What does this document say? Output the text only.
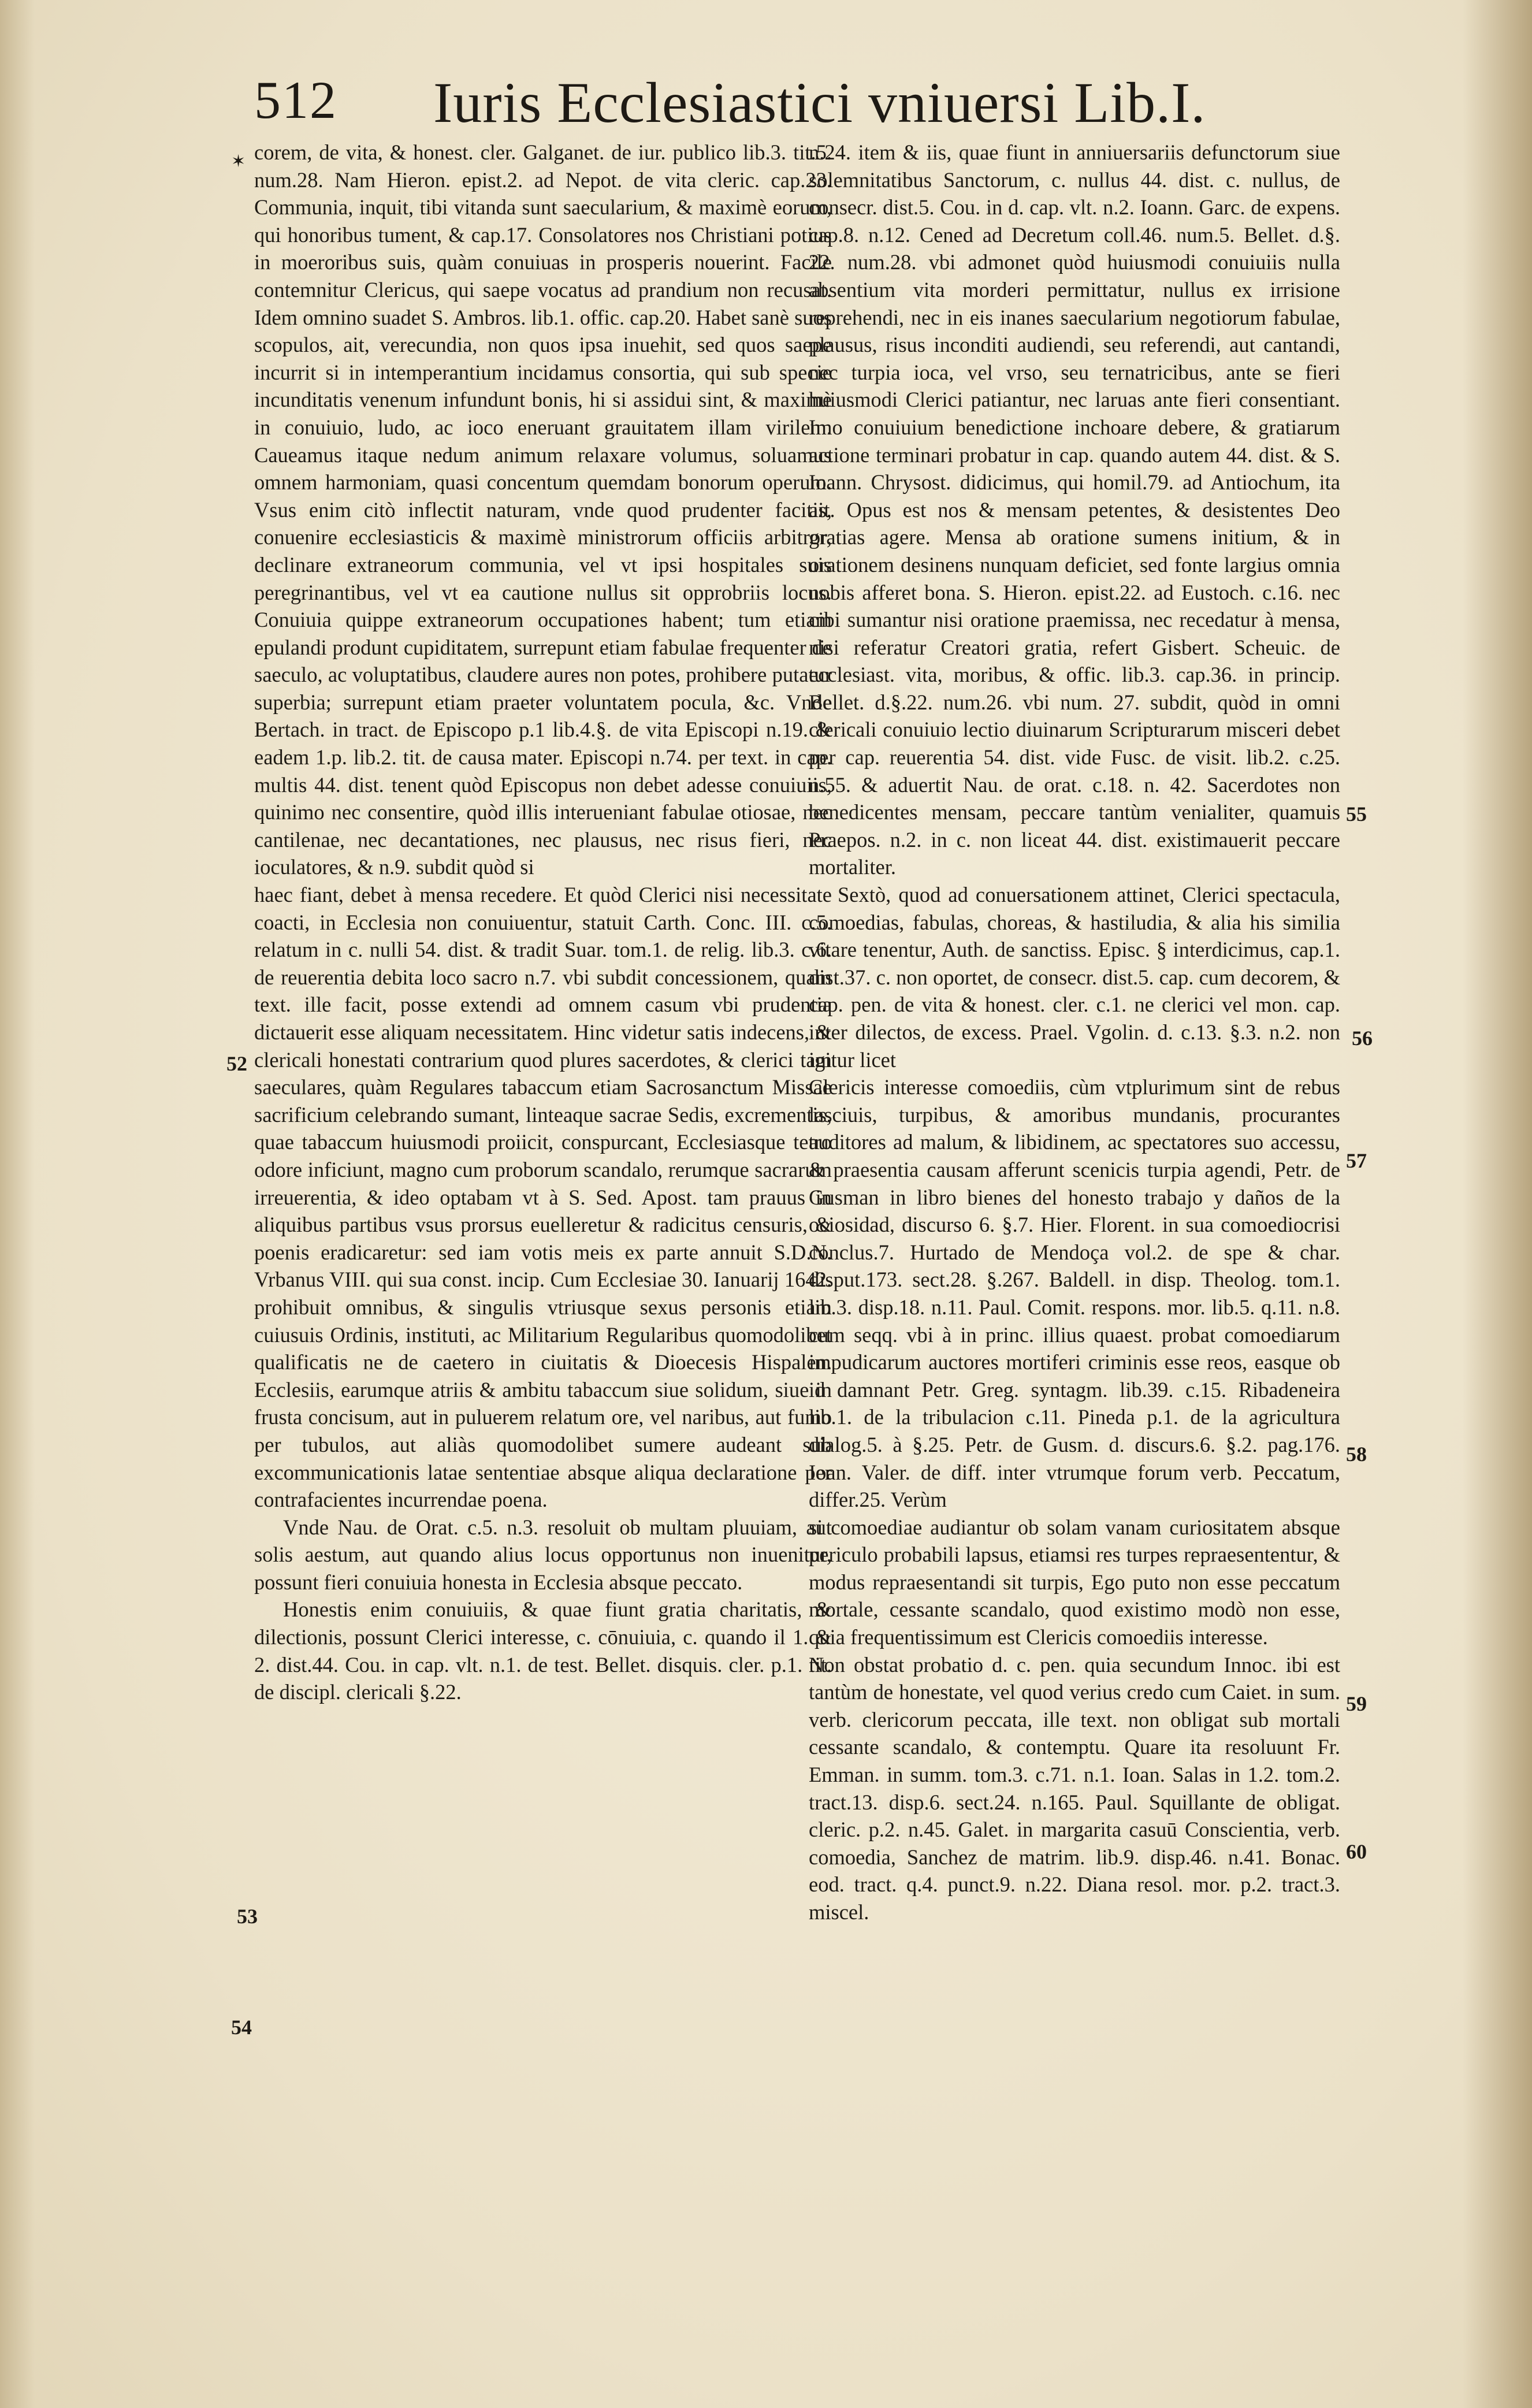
512 Iuris Ecclesiastici vniuersi Lib.I.
✶ corem, de vita, & honest. cler. Galganet. de iur. publico lib.3. tit.5. num.28. Nam Hieron. epist.2. ad Nepot. de vita cleric. cap.23. Communia, inquit, tibi vitanda sunt saecularium, & maximè eorum, qui honoribus tument, & cap.17. Consolatores nos Christiani potius in moeroribus suis, quàm conuiuas in prosperis nouerint. Facile contemnitur Clericus, qui saepe vocatus ad prandium non recusat. Idem omnino suadet S. Ambros. lib.1. offic. cap.20. Habet sanè suos scopulos, ait, verecundia, non quos ipsa inuehit, sed quos saepe incurrit si in intemperantium incidamus consortia, qui sub specie incunditatis venenum infundunt bonis, hi si assidui sint, & maximè in conuiuio, ludo, ac ioco eneruant grauitatem illam virilem. Caueamus itaque nedum animum relaxare volumus, soluamus omnem harmoniam, quasi concentum quemdam bonorum operum. Vsus enim citò inflectit naturam, vnde quod prudenter facitis, conuenire ecclesiasticis & maximè ministrorum officiis arbitror, declinare extraneorum communia, vel vt ipsi hospitales suis peregrinantibus, vel vt ea cautione nullus sit opprobriis locus. Conuiuia quippe extraneorum occupationes habent; tum etiam epulandi produnt cupiditatem, surrepunt etiam fabulae frequenter de saeculo, ac voluptatibus, claudere aures non potes, prohibere putatur superbia; surrepunt etiam praeter voluntatem pocula, &c. Vnde Bertach. in tract. de Episcopo p.1 lib.4.§. de vita Episcopi n.19. & eadem 1.p. lib.2. tit. de causa mater. Episcopi n.74. per text. in cap. multis 44. dist. tenent quòd Episcopus non debet adesse conuiuiis, quinimo nec consentire, quòd illis interueniant fabulae otiosae, nec cantilenae, nec decantationes, nec plausus, nec risus fieri, nec ioculatores, & n.9. subdit quòd si

haec fiant, debet à mensa recedere. Et quòd Clerici nisi necessitate coacti, in Ecclesia non conuiuentur, statuit Carth. Conc. III. c.5. relatum in c. nulli 54. dist. & tradit Suar. tom.1. de relig. lib.3. c.6. de reuerentia debita loco sacro n.7. vbi subdit concessionem, quam text. ille facit, posse extendi ad omnem casum vbi prudentia dictauerit esse aliquam necessitatem. Hinc videtur satis indecens, & clericali honestati contrarium quod plures sacerdotes, & clerici tam saeculares, quàm Regulares tabaccum etiam Sacrosanctum Missae sacrificium celebrando sumant, linteaque sacrae Sedis, excrementis, quae tabaccum huiusmodi proiicit, conspurcant, Ecclesiasque tetro odore inficiunt, magno cum proborum scandalo, rerumque sacrarum irreuerentia, & ideo optabam vt à S. Sed. Apost. tam prauus in aliquibus partibus vsus prorsus euelleretur & radicitus censuris, & poenis eradicaretur: sed iam votis meis ex parte annuit S.D.N. Vrbanus VIII. qui sua const. incip. Cum Ecclesiae 30. Ianuarij 1642. prohibuit omnibus, & singulis vtriusque sexus personis etiam cuiusuis Ordinis, instituti, ac Militarium Regularibus quomodolibet qualificatis ne de caetero in ciuitatis & Dioecesis Hispalen. Ecclesiis, earumque atriis & ambitu tabaccum siue solidum, siue in frusta concisum, aut in puluerem relatum ore, vel naribus, aut fumo per tubulos, aut aliàs quomodolibet sumere audeant sub excommunicationis latae sententiae absque aliqua declaratione per contrafacientes incurrendae poena.

Vnde Nau. de Orat. c.5. n.3. resoluit ob multam pluuiam, aut solis aestum, aut quando alius locus opportunus non inuenitur, possunt fieri conuiuia honesta in Ecclesia absque peccato.

Honestis enim conuiuiis, & quae fiunt gratia charitatis, & dilectionis, possunt Clerici interesse, c. cōnuiuia, c. quando il 1. & 2. dist.44. Cou. in cap. vlt. n.1. de test. Bellet. disquis. cler. p.1. tit. de discipl. clericali §.22.

n.24. item & iis, quae fiunt in anniuersariis defunctorum siue solemnitatibus Sanctorum, c. nullus 44. dist. c. nullus, de consecr. dist.5. Cou. in d. cap. vlt. n.2. Ioann. Garc. de expens. cap.8. n.12. Cened ad Decretum coll.46. num.5. Bellet. d.§. 22. num.28. vbi admonet quòd huiusmodi conuiuiis nulla absentium vita morderi permittatur, nullus ex irrisione reprehendi, nec in eis inanes saecularium negotiorum fabulae, plausus, risus inconditi audiendi, seu referendi, aut cantandi, nec turpia ioca, vel vrso, seu ternatricibus, ante se fieri huiusmodi Clerici patiantur, nec laruas ante fieri consentiant. Imo conuiuium benedictione inchoare debere, & gratiarum actione terminari probatur in cap. quando autem 44. dist. & S. Ioann. Chrysost. didicimus, qui homil.79. ad Antiochum, ita ait. Opus est nos & mensam petentes, & desistentes Deo gratias agere. Mensa ab oratione sumens initium, & in orationem desinens nunquam deficiet, sed fonte largius omnia nobis afferet bona. S. Hieron. epist.22. ad Eustoch. c.16. nec cibi sumantur nisi oratione praemissa, nec recedatur à mensa, nisi referatur Creatori gratia, refert Gisbert. Scheuic. de ecclesiast. vita, moribus, & offic. lib.3. cap.36. in princip. Bellet. d.§.22. num.26. vbi num. 27. subdit, quòd in omni clericali conuiuio lectio diuinarum Scripturarum misceri debet per cap. reuerentia 54. dist. vide Fusc. de visit. lib.2. c.25. n.55. & aduertit Nau. de orat. c.18. n. 42. Sacerdotes non benedicentes mensam, peccare tantùm venialiter, quamuis Praepos. n.2. in c. non liceat 44. dist. existimauerit peccare mortaliter.

Sextò, quod ad conuersationem attinet, Clerici spectacula, comoedias, fabulas, choreas, & hastiludia, & alia his similia vitare tenentur, Auth. de sanctiss. Episc. § interdicimus, cap.1. dist.37. c. non oportet, de consecr. dist.5. cap. cum decorem, & cap. pen. de vita & honest. cler. c.1. ne clerici vel mon. cap. inter dilectos, de excess. Prael. Vgolin. d. c.13. §.3. n.2. non igitur licet

Clericis interesse comoediis, cùm vtplurimum sint de rebus lasciuis, turpibus, & amoribus mundanis, procurantes auditores ad malum, & libidinem, ac spectatores suo accessu, & praesentia causam afferunt scenicis turpia agendi, Petr. de Gusman in libro bienes del honesto trabajo y daños de la ociosidad, discurso 6. §.7. Hier. Florent. in sua comoediocrisi conclus.7. Hurtado de Mendoça vol.2. de spe & char. disput.173. sect.28. §.267. Baldell. in disp. Theolog. tom.1. lib.3. disp.18. n.11. Paul. Comit. respons. mor. lib.5. q.11. n.8. cum seqq. vbi à in princ. illius quaest. probat comoediarum impudicarum auctores mortiferi criminis esse reos, easque ob id damnant Petr. Greg. syntagm. lib.39. c.15. Ribadeneira lib.1. de la tribulacion c.11. Pineda p.1. de la agricultura dialog.5. à §.25. Petr. de Gusm. d. discurs.6. §.2. pag.176. Ioan. Valer. de diff. inter vtrumque forum verb. Peccatum, differ.25. Verùm

si comoediae audiantur ob solam vanam curiositatem absque periculo probabili lapsus, etiamsi res turpes repraesententur, & modus repraesentandi sit turpis, Ego puto non esse peccatum mortale, cessante scandalo, quod existimo modò non esse, quia frequentissimum est Clericis comoediis interesse.

Non obstat probatio d. c. pen. quia secundum Innoc. ibi est tantùm de honestate, vel quod verius credo cum Caiet. in sum. verb. clericorum peccata, ille text. non obligat sub mortali cessante scandalo, & contemptu. Quare ita resoluunt Fr. Emman. in summ. tom.3. c.71. n.1. Ioan. Salas in 1.2. tom.2. tract.13. disp.6. sect.24. n.165. Paul. Squillante de obligat. cleric. p.2. n.45. Galet. in margarita casuū Conscientia, verb. comoedia, Sanchez de matrim. lib.9. disp.46. n.41. Bonac. eod. tract. q.4. punct.9. n.22. Diana resol. mor. p.2. tract.3. miscel.

52
53
54
55
56
57
58
59
60
